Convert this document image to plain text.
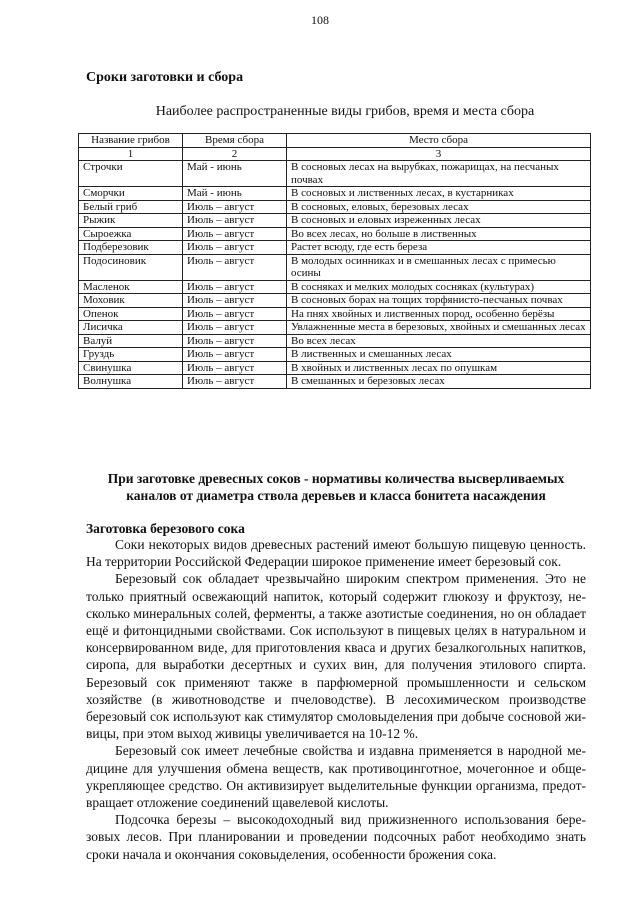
108
Сроки заготовки и сбора
Наиболее распространенные виды грибов, время и места сбора
Название грибов	Время сбора	Место сбора
1	2	3
Строчки	Май - июнь	В сосновых лесах на вырубках, пожарищах, на песчаных почвах
Сморчки	Май - июнь	В сосновых и лиственных лесах, в кустарниках
Белый гриб	Июль – август	В сосновых, еловых, березовых лесах
Рыжик	Июль – август	В сосновых и еловых изреженных лесах
Сыроежка	Июль – август	Во всех лесах, но больше в лиственных
Подберезовик	Июль – август	Растет всюду, где есть береза
Подосиновик	Июль – август	В молодых осинниках и в смешанных лесах с примесью осины
Масленок	Июль – август	В сосняках и мелких молодых сосняках (культурах)
Моховик	Июль – август	В сосновых борах на тощих торфянисто-песчаных почвах
Опенок	Июль – август	На пнях хвойных и лиственных пород, особенно берёзы
Лисичка	Июль – август	Увлажненные места в березовых, хвойных и смешанных лесах
Валуй	Июль – август	Во всех лесах
Груздь	Июль – август	В лиственных и смешанных лесах
Свинушка	Июль – август	В хвойных и лиственных лесах по опушкам
Волнушка	Июль – август	В смешанных и березовых лесах
При заготовке древесных соков - нормативы количества высверливаемых каналов от диаметра ствола деревьев и класса бонитета насаждения
Заготовка березового сока

Соки некоторых видов древесных растений имеют большую пищевую ценность. На территории Российской Федерации широкое применение имеет березовый сок.

Березовый сок обладает чрезвычайно широким спектром применения. Это не только приятный освежающий напиток, который содержит глюкозу и фруктозу, несколько минеральных солей, ферменты, а также азотистые соединения, но он обладает ещё и фитонцидными свойствами. Сок используют в пищевых целях в натуральном и консервированном виде, для приготовления кваса и других безалкогольных напитков, сиропа, для выработки десертных и сухих вин, для получения этилового спирта. Березовый сок применяют также в парфюмерной промышленности и сельском хозяйстве (в животноводстве и пчеловодстве). В лесохимическом производстве березовый сок используют как стимулятор смоловыделения при добыче сосновой живицы, при этом выход живицы увеличивается на 10-12 %.

Березовый сок имеет лечебные свойства и издавна применяется в народной медицине для улучшения обмена веществ, как противоцинготное, мочегонное и общеукрепляющее средство. Он активизирует выделительные функции организма, предотвращает отложение соединений щавелевой кислоты.

Подсочка березы – высокодоходный вид прижизненного использования березовых лесов. При планировании и проведении подсочных работ необходимо знать сроки начала и окончания соковыделения, особенности брожения сока.
